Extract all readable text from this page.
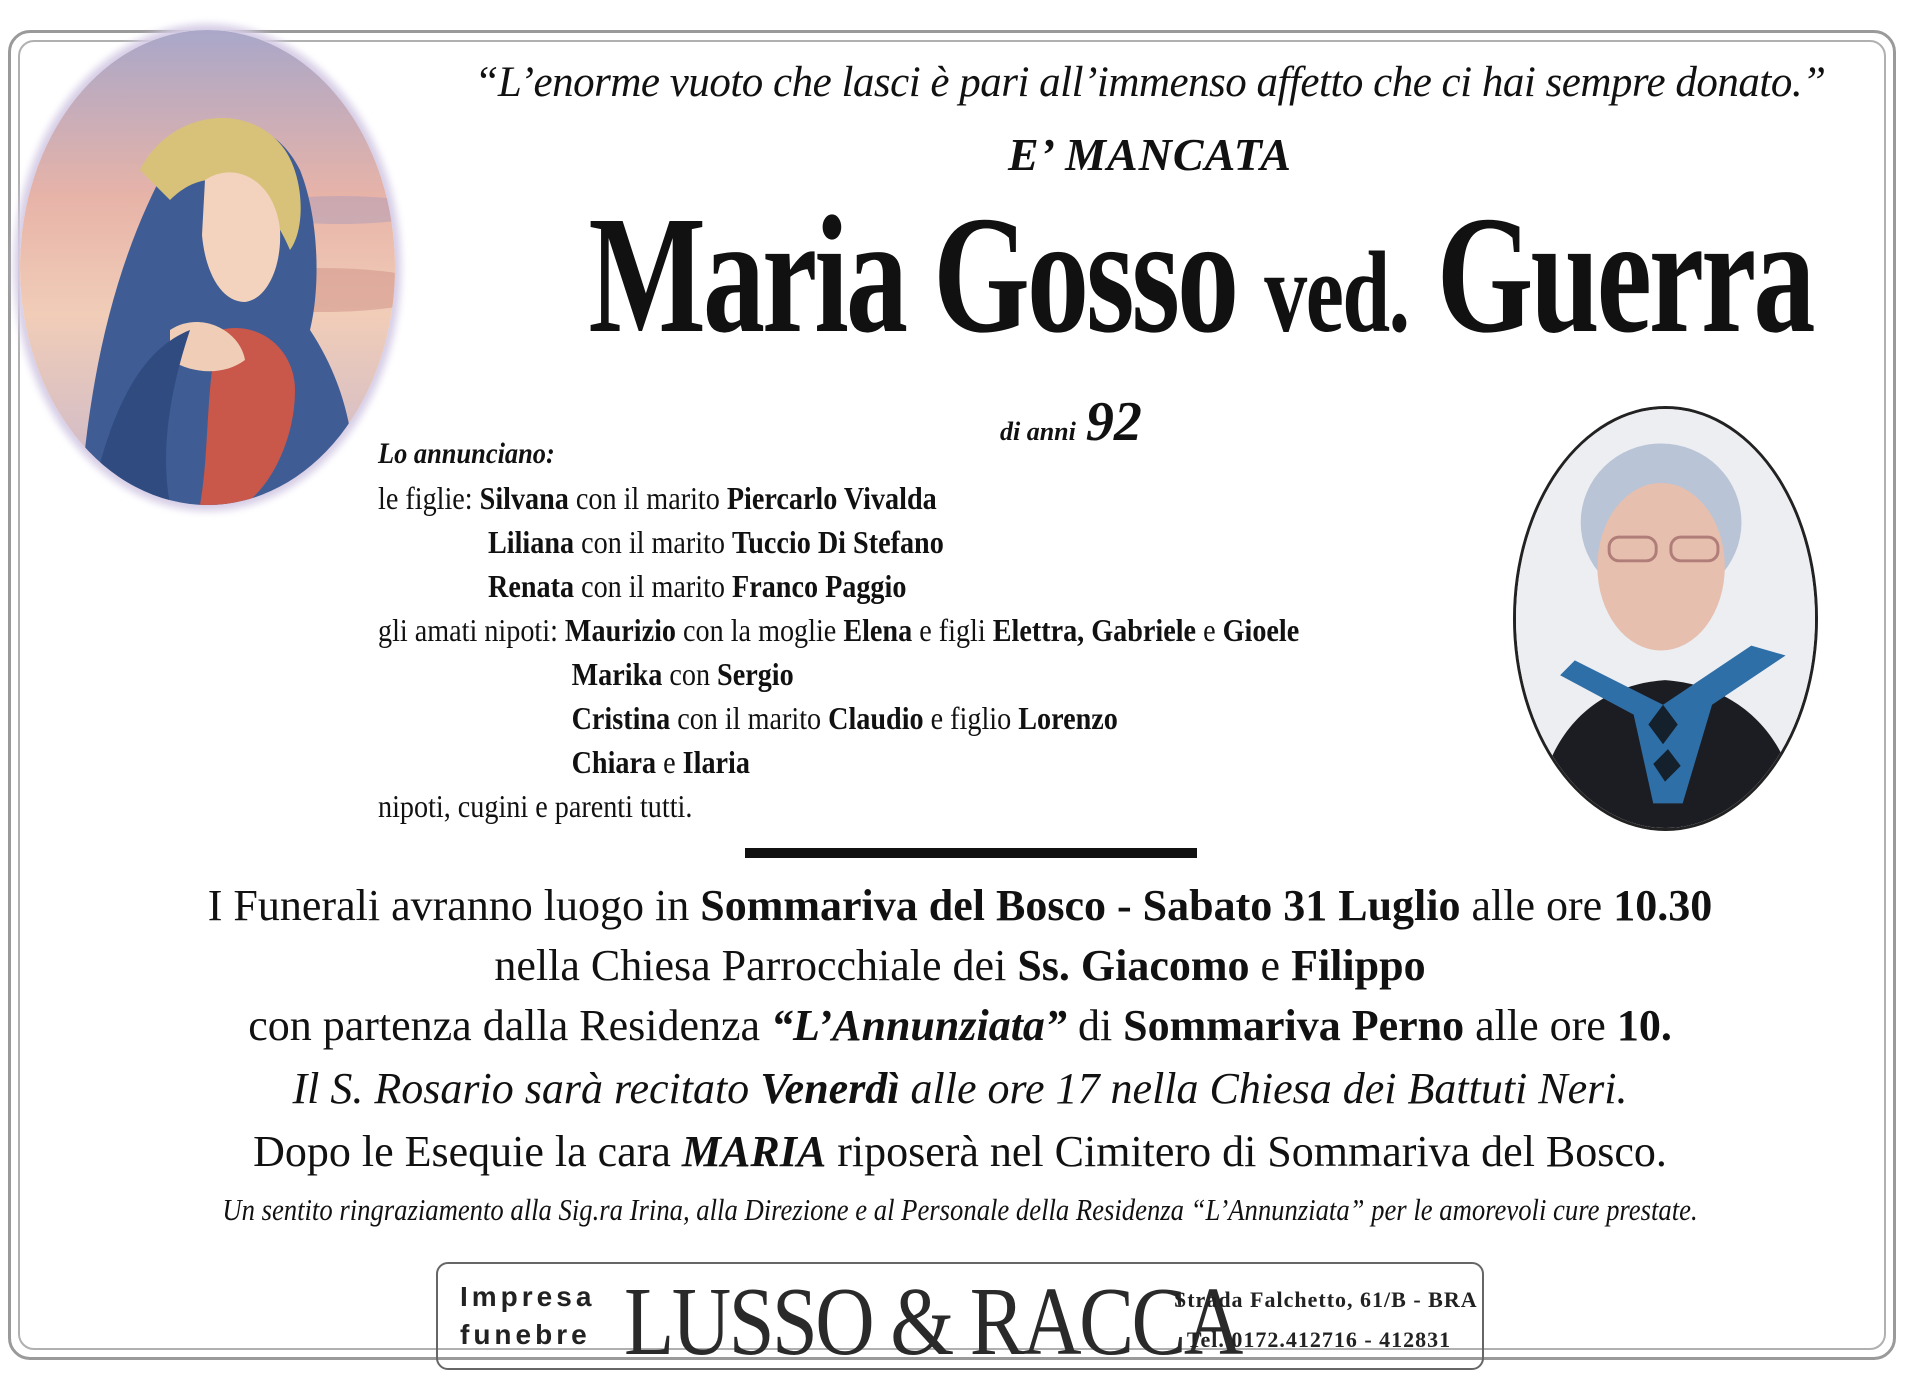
“L’enorme vuoto che lasci è pari all’immenso affetto che ci hai sempre donato.”
E’ MANCATA
Maria Gosso ved. Guerra
di anni 92
Lo annunciano:
le figlie: Silvana con il marito Piercarlo Vivalda
Liliana con il marito Tuccio Di Stefano
Renata con il marito Franco Paggio
gli amati nipoti: Maurizio con la moglie Elena e figli Elettra, Gabriele e Gioele
Marika con Sergio
Cristina con il marito Claudio e figlio Lorenzo
Chiara e Ilaria
nipoti, cugini e parenti tutti.
I Funerali avranno luogo in Sommariva del Bosco - Sabato 31 Luglio alle ore 10.30
nella Chiesa Parrocchiale dei Ss. Giacomo e Filippo
con partenza dalla Residenza “L’Annunziata” di Sommariva Perno alle ore 10.
Il S. Rosario sarà recitato Venerdì alle ore 17 nella Chiesa dei Battuti Neri.
Dopo le Esequie la cara MARIA riposerà nel Cimitero di Sommariva del Bosco.
Un sentito ringraziamento alla Sig.ra Irina, alla Direzione e al Personale della Residenza “L’Annunziata” per le amorevoli cure prestate.
Impresa
funebre LUSSO & RACCA
Strada Falchetto, 61/B - BRA
Tel. 0172.412716 - 412831
